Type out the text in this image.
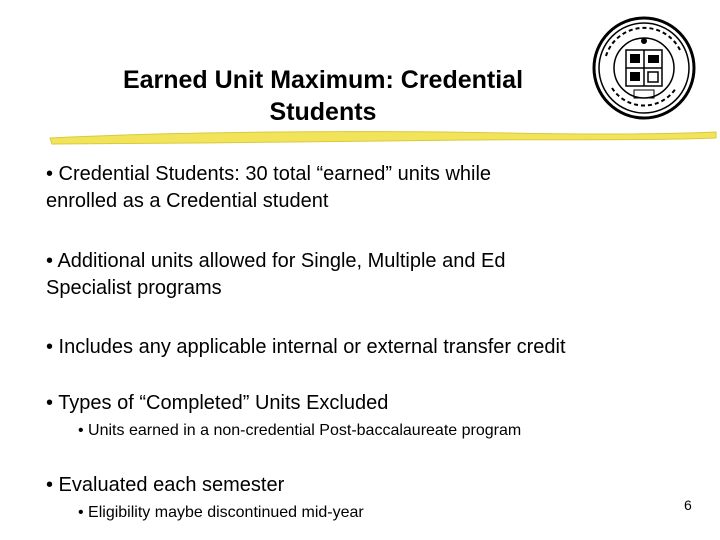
Earned Unit Maximum: Credential
Students
• Credential Students: 30 total “earned” units while
enrolled as a Credential student
• Additional units allowed for Single, Multiple and Ed
Specialist programs
• Includes any applicable internal or external transfer credit
• Types of “Completed” Units Excluded
• Units earned in a non-credential Post-baccalaureate program
• Evaluated each semester
• Eligibility maybe discontinued mid-year	6
